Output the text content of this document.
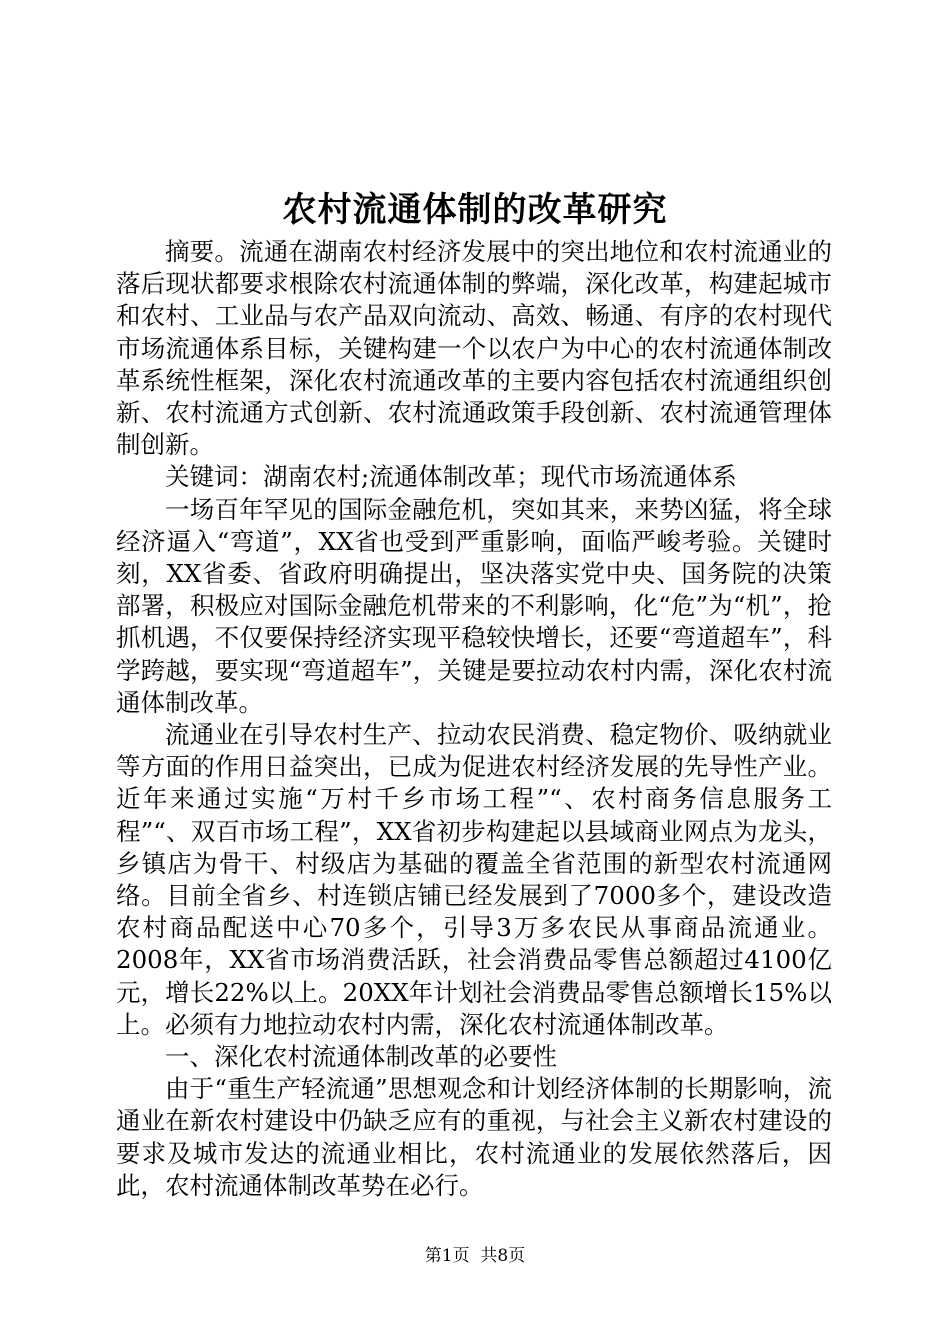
农村流通体制的改革研究

摘要。流通在湖南农村经济发展中的突出地位和农村流通业的落后现状都要求根除农村流通体制的弊端，深化改革，构建起城市和农村、工业品与农产品双向流动、高效、畅通、有序的农村现代市场流通体系目标，关键构建一个以农户为中心的农村流通体制改革系统性框架，深化农村流通改革的主要内容包括农村流通组织创新、农村流通方式创新、农村流通政策手段创新、农村流通管理体制创新。

关键词：湖南农村;流通体制改革；现代市场流通体系

一场百年罕见的国际金融危机，突如其来，来势凶猛，将全球经济逼入“弯道”，XX省也受到严重影响，面临严峻考验。关键时刻，XX省委、省政府明确提出，坚决落实党中央、国务院的决策部署，积极应对国际金融危机带来的不利影响，化“危”为“机”，抢抓机遇，不仅要保持经济实现平稳较快增长，还要“弯道超车”，科学跨越，要实现“弯道超车”，关键是要拉动农村内需，深化农村流通体制改革。

流通业在引导农村生产、拉动农民消费、稳定物价、吸纳就业等方面的作用日益突出，已成为促进农村经济发展的先导性产业。近年来通过实施“万村千乡市场工程”“、农村商务信息服务工程”“、双百市场工程”，XX省初步构建起以县域商业网点为龙头，乡镇店为骨干、村级店为基础的覆盖全省范围的新型农村流通网络。目前全省乡、村连锁店铺已经发展到了7000多个，建设改造农村商品配送中心70多个，引导3万多农民从事商品流通业。2008年，XX省市场消费活跃，社会消费品零售总额超过4100亿元，增长22%以上。20XX年计划社会消费品零售总额增长15%以上。必须有力地拉动农村内需，深化农村流通体制改革。

一、深化农村流通体制改革的必要性

由于“重生产轻流通”思想观念和计划经济体制的长期影响，流通业在新农村建设中仍缺乏应有的重视，与社会主义新农村建设的要求及城市发达的流通业相比，农村流通业的发展依然落后，因此，农村流通体制改革势在必行。

第1页  共8页
